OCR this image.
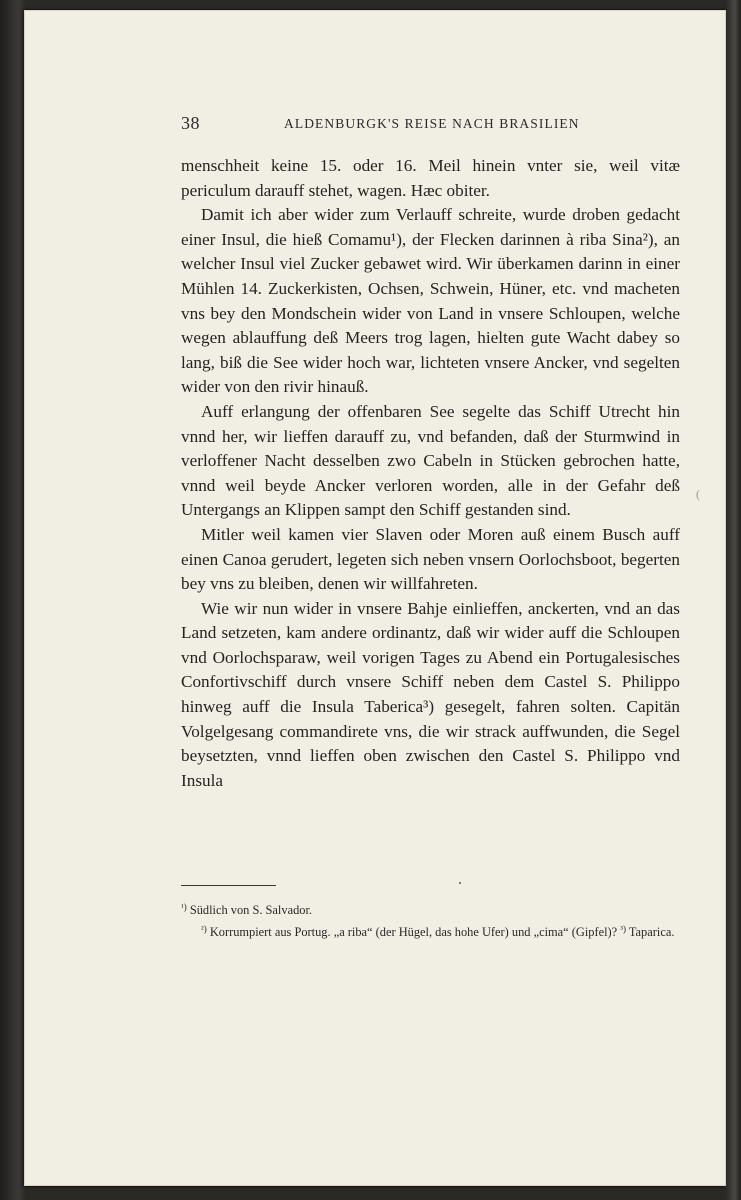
38	ALDENBURGK'S REISE NACH BRASILIEN

menschheit keine 15. oder 16. Meil hinein vnter sie, weil vitæ periculum darauff stehet, wagen. Hæc obiter.

Damit ich aber wider zum Verlauff schreite, wurde droben gedacht einer Insul, die hieß Comamu¹), der Flecken darinnen à riba Sina²), an welcher Insul viel Zucker gebawet wird. Wir überkamen darinn in einer Mühlen 14. Zuckerkisten, Ochsen, Schwein, Hüner, etc. vnd macheten vns bey den Mondschein wider von Land in vnsere Schloupen, welche wegen ablauffung deß Meers trog lagen, hielten gute Wacht dabey so lang, biß die See wider hoch war, lichteten vnsere Ancker, vnd segelten wider von den rivir hinauß.

Auff erlangung der offenbaren See segelte das Schiff Utrecht hin vnnd her, wir lieffen darauff zu, vnd befanden, daß der Sturmwind in verloffener Nacht desselben zwo Cabeln in Stücken gebrochen hatte, vnnd weil beyde Ancker verloren worden, alle in der Gefahr deß Untergangs an Klippen sampt den Schiff gestanden sind.

Mitler weil kamen vier Slaven oder Moren auß einem Busch auff einen Canoa gerudert, legeten sich neben vnsern Oorlochsboot, begerten bey vns zu bleiben, denen wir willfahreten.

Wie wir nun wider in vnsere Bahje einlieffen, anckerten, vnd an das Land setzeten, kam andere ordinantz, daß wir wider auff die Schloupen vnd Oorlochsparaw, weil vorigen Tages zu Abend ein Portugalesisches Confortivschiff durch vnsere Schiff neben dem Castel S. Philippo hinweg auff die Insula Taberica³) gesegelt, fahren solten. Capitän Volgelgesang commandirete vns, die wir strack auffwunden, die Segel beysetzten, vnnd lieffen oben zwischen den Castel S. Philippo vnd Insula

$^{^1)}$ Südlich von S. Salvador.

$^{^2)}$ Korrumpiert aus Portug. „a riba“ (der Hügel, das hohe Ufer) und „cima“ (Gipfel)? $^{^3)}$ Taparica.

(
